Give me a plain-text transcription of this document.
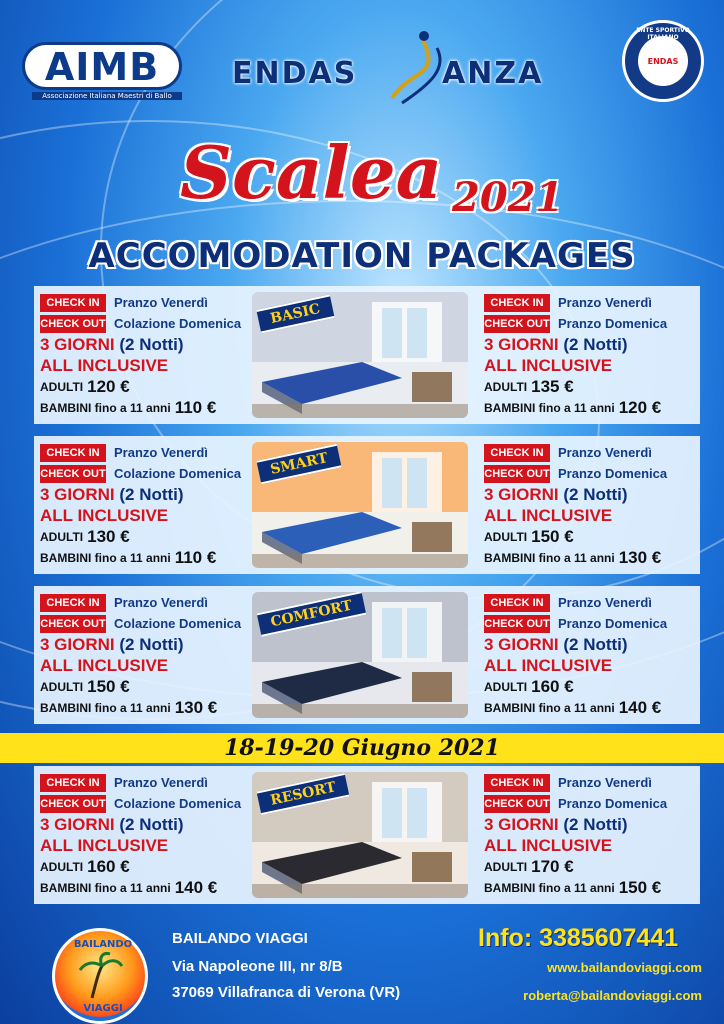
AIMB
Associazione Italiana Maestri di Ballo
ENDAS	ANZA
ENTE SPORTIVO ITALIANO
ENDAS
Scalea 2021
ACCOMODATION PACKAGES
CHECK IN	Pranzo Venerdì
CHECK OUT Colazione Domenica
3 GIORNI
(2 Notti)
ALL INCLUSIVE
ADULTI 120 €
BAMBINI fino a 11 anni 110 €
BASIC	CHECK IN	Pranzo Venerdì
CHECK OUT Pranzo Domenica
3 GIORNI
(2 Notti)
ALL INCLUSIVE
ADULTI 135 €
BAMBINI fino a 11 anni 120 €
CHECK IN	Pranzo Venerdì
CHECK OUT Colazione Domenica
3 GIORNI
(2 Notti)
ALL INCLUSIVE
ADULTI 130 €
BAMBINI fino a 11 anni 110 €
SMART	CHECK IN	Pranzo Venerdì
CHECK OUT Pranzo Domenica
3 GIORNI
(2 Notti)
ALL INCLUSIVE
ADULTI 150 €
BAMBINI fino a 11 anni 130 €
CHECK IN	Pranzo Venerdì
CHECK OUT Colazione Domenica
3 GIORNI
(2 Notti)
ALL INCLUSIVE
ADULTI 150 €
BAMBINI fino a 11 anni 130 €
COMFORT	CHECK IN	Pranzo Venerdì
CHECK OUT Pranzo Domenica
3 GIORNI
(2 Notti)
ALL INCLUSIVE
ADULTI 160 €
BAMBINI fino a 11 anni 140 €
CHECK IN	Pranzo Venerdì
CHECK OUT Colazione Domenica
3 GIORNI
(2 Notti)
ALL INCLUSIVE
ADULTI 160 €
BAMBINI fino a 11 anni 140 €
RESORT	CHECK IN	Pranzo Venerdì
CHECK OUT Pranzo Domenica
3 GIORNI
(2 Notti)
ALL INCLUSIVE
ADULTI 170 €
BAMBINI fino a 11 anni 150 €
18-19-20 Giugno 2021
BAILANDO
VIAGGI
BAILANDO VIAGGI
Via Napoleone III, nr 8/B
37069 Villafranca di Verona (VR)
Info: 3385607441
www.bailandoviaggi.com
roberta@bailandoviaggi.com
